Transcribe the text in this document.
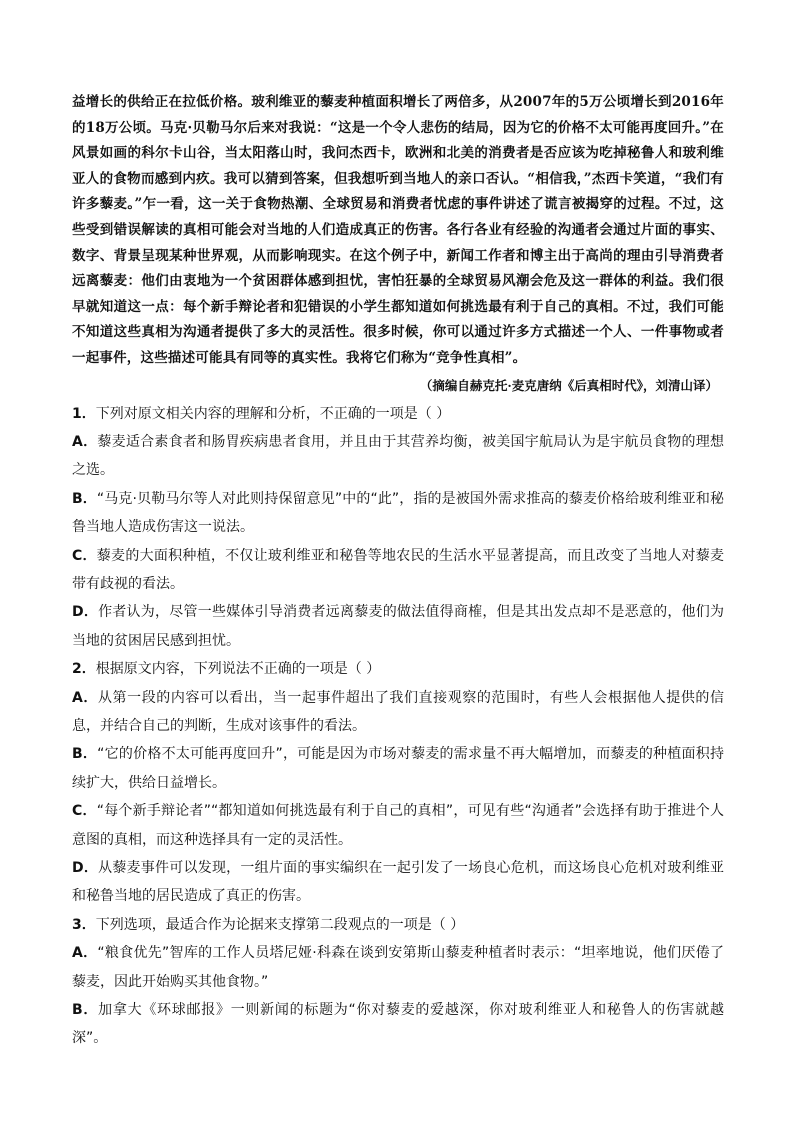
益增长的供给正在拉低价格。玻利维亚的藜麦种植面积增长了两倍多，从2007年的5万公顷增长到2016年的18万公顷。马克·贝勒马尔后来对我说：“这是一个令人悲伤的结局，因为它的价格不太可能再度回升。”在风景如画的科尔卡山谷，当太阳落山时，我问杰西卡，欧洲和北美的消费者是否应该为吃掉秘鲁人和玻利维亚人的食物而感到内疚。我可以猜到答案，但我想听到当地人的亲口否认。“相信我，”杰西卡笑道，“我们有许多藜麦。”乍一看，这一关于食物热潮、全球贸易和消费者忧虑的事件讲述了谎言被揭穿的过程。不过，这些受到错误解读的真相可能会对当地的人们造成真正的伤害。各行各业有经验的沟通者会通过片面的事实、数字、背景呈现某种世界观，从而影响现实。在这个例子中，新闻工作者和博主出于高尚的理由引导消费者远离藜麦：他们由衷地为一个贫困群体感到担忧，害怕狂暴的全球贸易风潮会危及这一群体的利益。我们很早就知道这一点：每个新手辩论者和犯错误的小学生都知道如何挑选最有利于自己的真相。不过，我们可能不知道这些真相为沟通者提供了多大的灵活性。很多时候，你可以通过许多方式描述一个人、一件事物或者一起事件，这些描述可能具有同等的真实性。我将它们称为“竞争性真相”。

（摘编自赫克托·麦克唐纳《后真相时代》，刘清山译）

1．下列对原文相关内容的理解和分析，不正确的一项是（ ）

A．藜麦适合素食者和肠胃疾病患者食用，并且由于其营养均衡，被美国宇航局认为是宇航员食物的理想之选。

B．“马克·贝勒马尔等人对此则持保留意见”中的“此”，指的是被国外需求推高的藜麦价格给玻利维亚和秘鲁当地人造成伤害这一说法。

C．藜麦的大面积种植，不仅让玻利维亚和秘鲁等地农民的生活水平显著提高，而且改变了当地人对藜麦带有歧视的看法。

D．作者认为，尽管一些媒体引导消费者远离藜麦的做法值得商榷，但是其出发点却不是恶意的，他们为当地的贫困居民感到担忧。

2．根据原文内容，下列说法不正确的一项是（ ）

A．从第一段的内容可以看出，当一起事件超出了我们直接观察的范围时，有些人会根据他人提供的信息，并结合自己的判断，生成对该事件的看法。

B．“它的价格不太可能再度回升”，可能是因为市场对藜麦的需求量不再大幅增加，而藜麦的种植面积持续扩大，供给日益增长。

C．“每个新手辩论者”“都知道如何挑选最有利于自己的真相”，可见有些“沟通者”会选择有助于推进个人意图的真相，而这种选择具有一定的灵活性。

D．从藜麦事件可以发现，一组片面的事实编织在一起引发了一场良心危机，而这场良心危机对玻利维亚和秘鲁当地的居民造成了真正的伤害。

3．下列选项，最适合作为论据来支撑第二段观点的一项是（ ）

A．“粮食优先”智库的工作人员塔尼娅·科森在谈到安第斯山藜麦种植者时表示：“坦率地说，他们厌倦了藜麦，因此开始购买其他食物。”

B．加拿大《环球邮报》一则新闻的标题为“你对藜麦的爱越深，你对玻利维亚人和秘鲁人的伤害就越深”。
